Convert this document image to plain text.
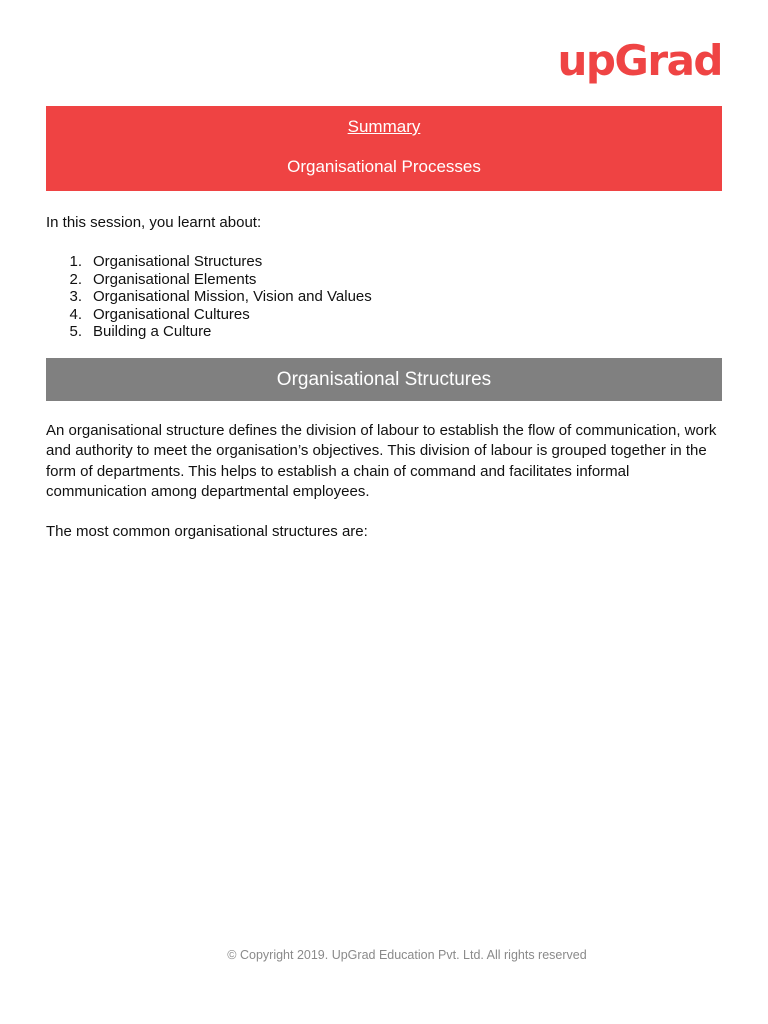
upGrad
Summary
Organisational Processes
In this session, you learnt about:
1. Organisational Structures
2. Organisational Elements
3. Organisational Mission, Vision and Values
4. Organisational Cultures
5. Building a Culture
Organisational Structures

An organisational structure defines the division of labour to establish the flow of communication, work and authority to meet the organisation’s objectives. This division of labour is grouped together in the form of departments. This helps to establish a chain of command and facilitates informal communication among departmental employees.

The most common organisational structures are:

© Copyright 2019. UpGrad Education Pvt. Ltd. All rights reserved
